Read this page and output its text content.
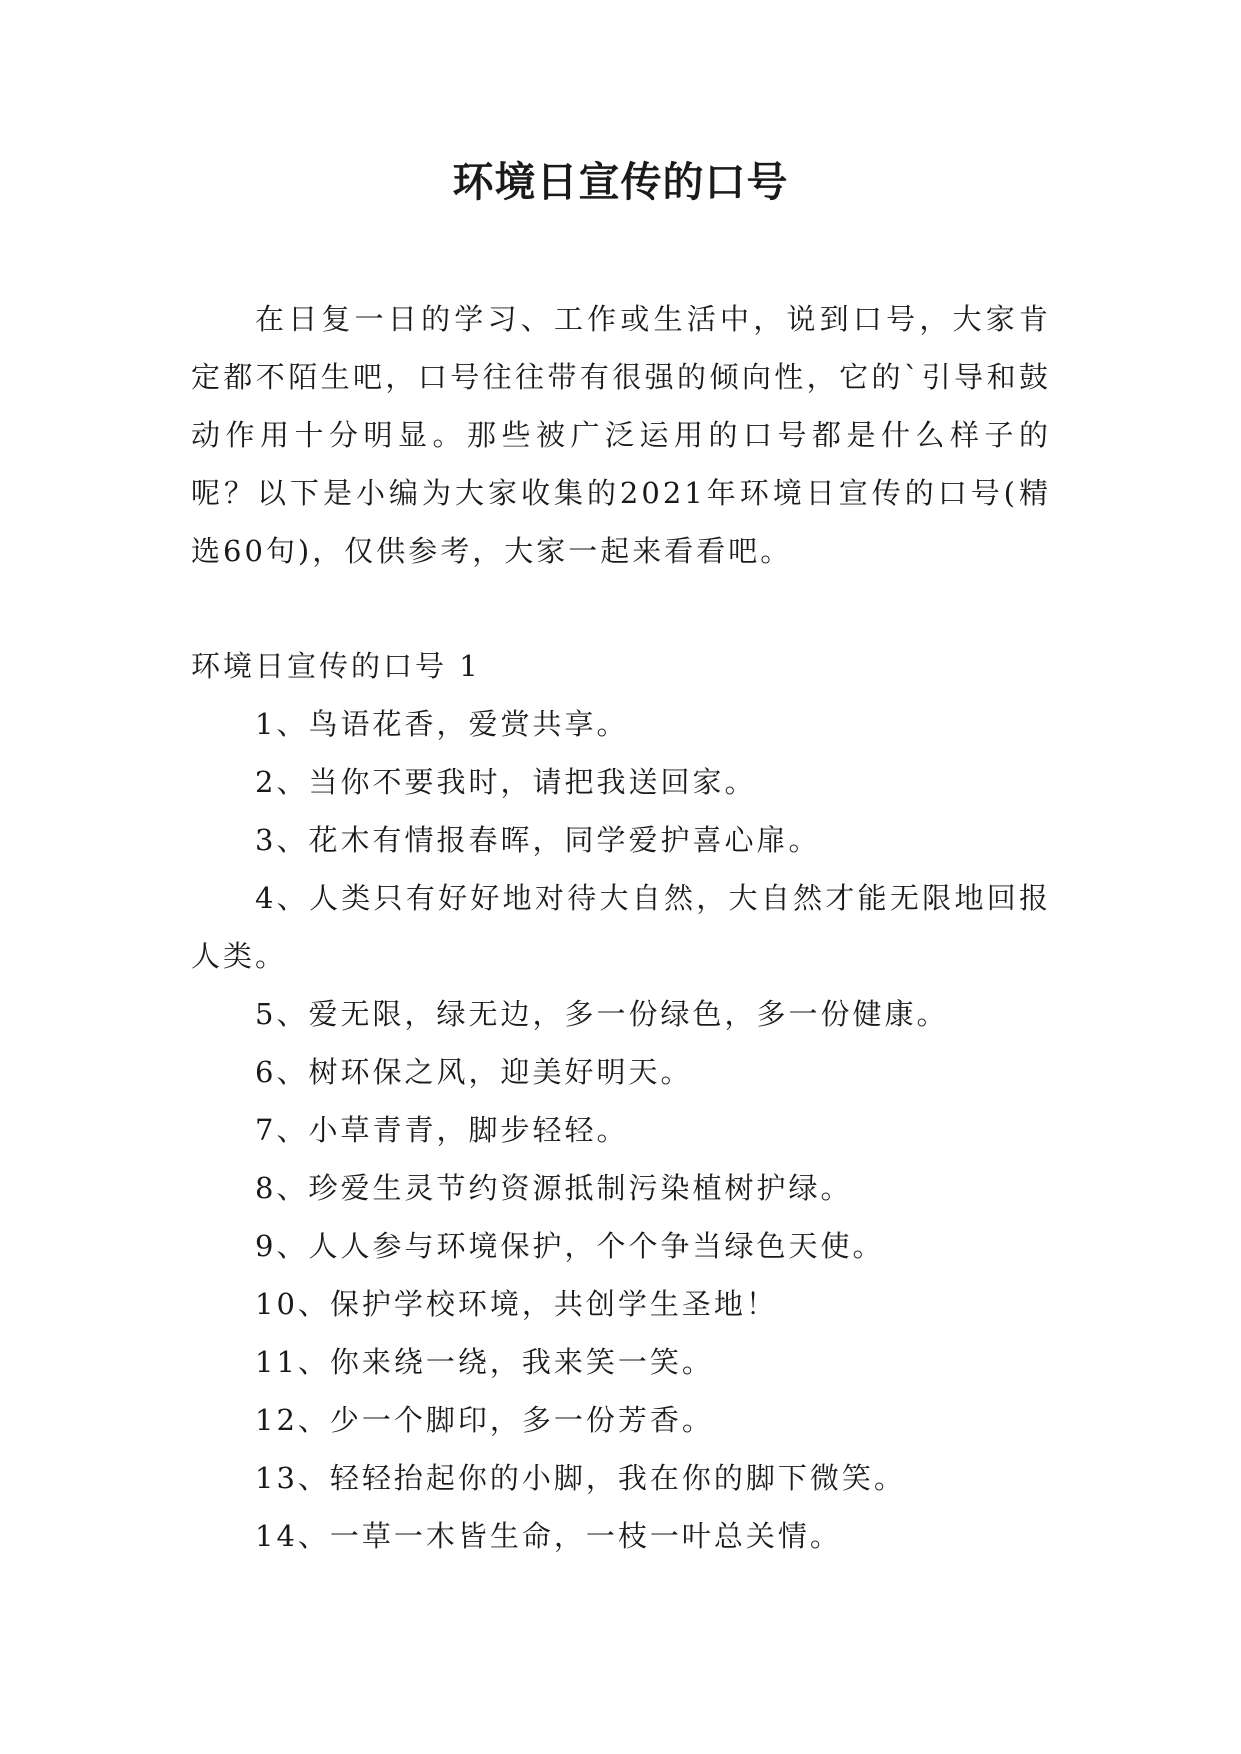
环境日宣传的口号

在日复一日的学习、工作或生活中，说到口号，大家肯定都不陌生吧，口号往往带有很强的倾向性，它的`引导和鼓动作用十分明显。那些被广泛运用的口号都是什么样子的呢？以下是小编为大家收集的2021年环境日宣传的口号(精选60句)，仅供参考，大家一起来看看吧。

环境日宣传的口号 1
1、鸟语花香，爱赏共享。
2、当你不要我时，请把我送回家。
3、花木有情报春晖，同学爱护喜心扉。
4、人类只有好好地对待大自然，大自然才能无限地回报人类。
5、爱无限，绿无边，多一份绿色，多一份健康。
6、树环保之风，迎美好明天。
7、小草青青，脚步轻轻。
8、珍爱生灵节约资源抵制污染植树护绿。
9、人人参与环境保护，个个争当绿色天使。
10、保护学校环境，共创学生圣地！
11、你来绕一绕，我来笑一笑。
12、少一个脚印，多一份芳香。
13、轻轻抬起你的小脚，我在你的脚下微笑。
14、一草一木皆生命，一枝一叶总关情。
